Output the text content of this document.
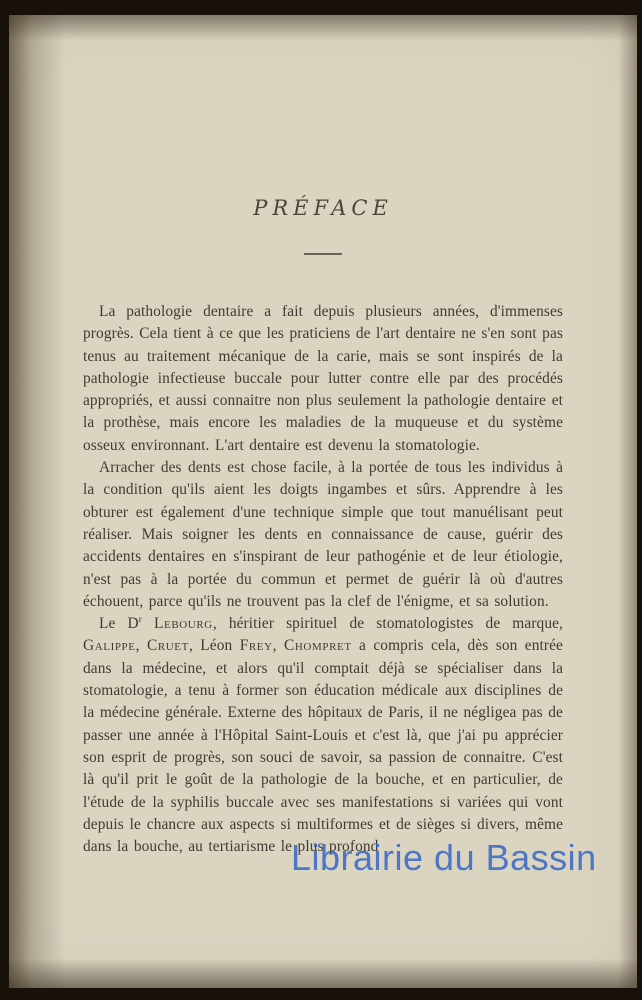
PRÉFACE

La pathologie dentaire a fait depuis plusieurs années, d'immenses progrès. Cela tient à ce que les praticiens de l'art dentaire ne s'en sont pas tenus au traitement mécanique de la carie, mais se sont inspirés de la pathologie infectieuse buccale pour lutter contre elle par des procédés appropriés, et aussi connaitre non plus seulement la pathologie dentaire et la prothèse, mais encore les maladies de la muqueuse et du système osseux environnant. L'art dentaire est devenu la stomatologie.

Arracher des dents est chose facile, à la portée de tous les individus à la condition qu'ils aient les doigts ingambes et sûrs. Apprendre à les obturer est également d'une technique simple que tout manuélisant peut réaliser. Mais soigner les dents en connaissance de cause, guérir des accidents dentaires en s'inspirant de leur pathogénie et de leur étiologie, n'est pas à la portée du commun et permet de guérir là où d'autres échouent, parce qu'ils ne trouvent pas la clef de l'énigme, et sa solution.

Le $D^r$ Lebourg, héritier spirituel de stomatologistes de marque, Galippe, Cruet, Léon Frey, Chompret a compris cela, dès son entrée dans la médecine, et alors qu'il comptait déjà se spécialiser dans la stomatologie, a tenu à former son éducation médicale aux disciplines de la médecine générale. Externe des hôpitaux de Paris, il ne négligea pas de passer une année à l'Hôpital Saint-Louis et c'est là, que j'ai pu apprécier son esprit de progrès, son souci de savoir, sa passion de connaitre. C'est là qu'il prit le goût de la pathologie de la bouche, et en particulier, de l'étude de la syphilis buccale avec ses manifestations si variées qui vont depuis le chancre aux aspects si multiformes et de sièges si divers, même dans la bouche, au tertiarisme le plus profond

Librairie du Bassin
